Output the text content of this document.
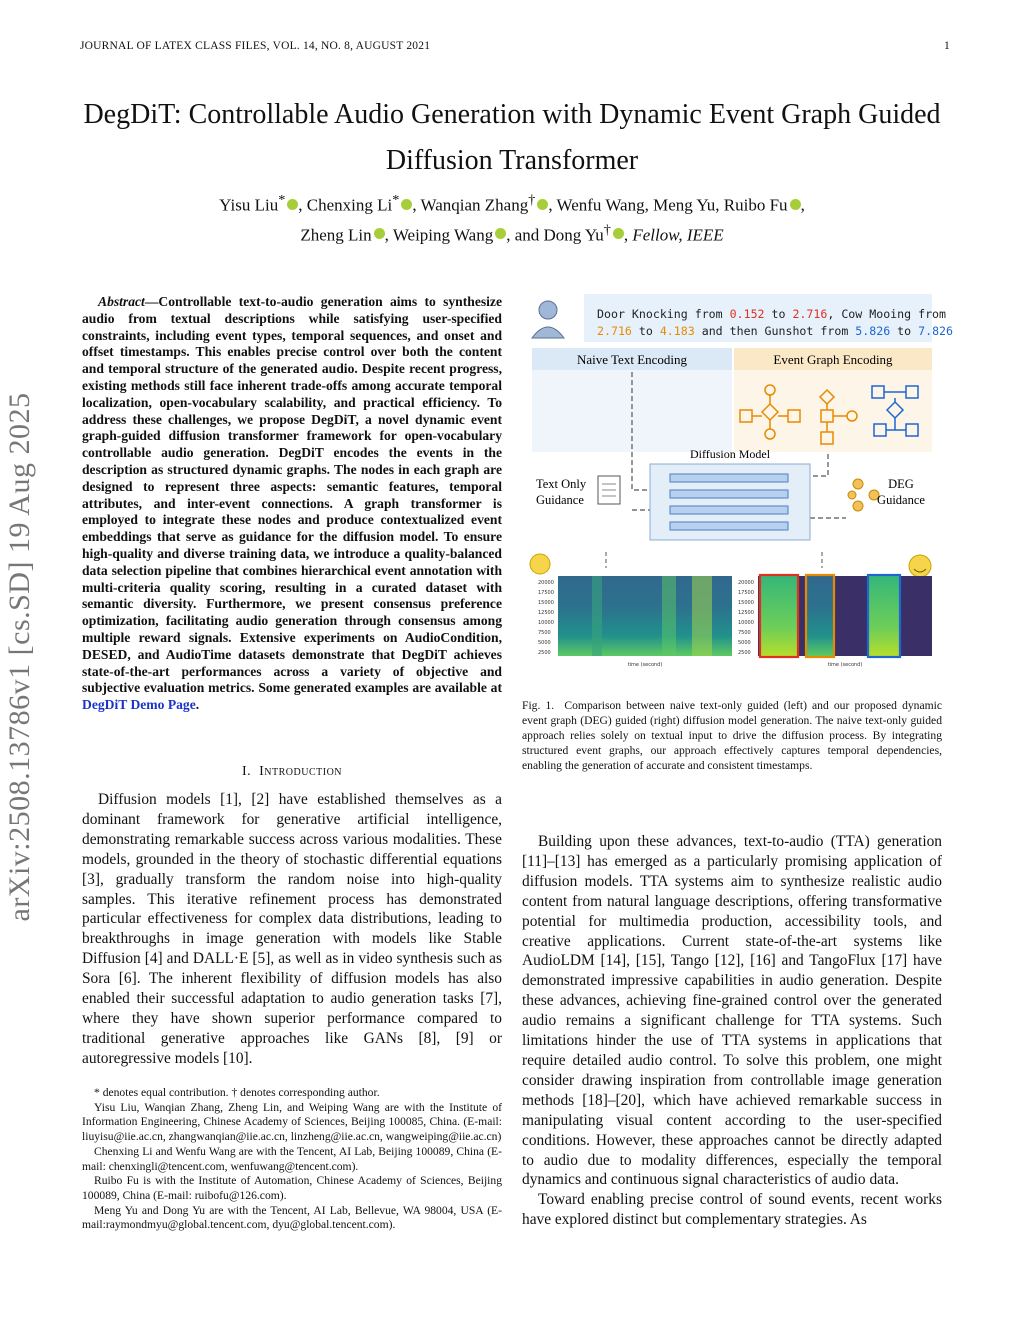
JOURNAL OF LATEX CLASS FILES, VOL. 14, NO. 8, AUGUST 2021	1
DegDiT: Controllable Audio Generation with Dynamic Event Graph Guided Diffusion Transformer
Yisu Liu* , Chenxing Li* , Wanqian Zhang† , Wenfu Wang, Meng Yu, Ruibo Fu ,
Zheng Lin , Weiping Wang , and Dong Yu† , Fellow, IEEE
arXiv:2508.13786v1 [cs.SD] 19 Aug 2025
Abstract—Controllable text-to-audio generation aims to synthesize audio from textual descriptions while satisfying user-specified constraints, including event types, temporal sequences, and onset and offset timestamps. This enables precise control over both the content and temporal structure of the generated audio. Despite recent progress, existing methods still face inherent trade-offs among accurate temporal localization, open-vocabulary scalability, and practical efficiency. To address these challenges, we propose DegDiT, a novel dynamic event graph-guided diffusion transformer framework for open-vocabulary controllable audio generation. DegDiT encodes the events in the description as structured dynamic graphs. The nodes in each graph are designed to represent three aspects: semantic features, temporal attributes, and inter-event connections. A graph transformer is employed to integrate these nodes and produce contextualized event embeddings that serve as guidance for the diffusion model. To ensure high-quality and diverse training data, we introduce a quality-balanced data selection pipeline that combines hierarchical event annotation with multi-criteria quality scoring, resulting in a curated dataset with semantic diversity. Furthermore, we present consensus preference optimization, facilitating audio generation through consensus among multiple reward signals. Extensive experiments on AudioCondition, DESED, and AudioTime datasets demonstrate that DegDiT achieves state-of-the-art performances across a variety of objective and subjective evaluation metrics. Some generated examples are available at DegDiT Demo Page.
I. Introduction

Diffusion models [1], [2] have established themselves as a dominant framework for generative artificial intelligence, demonstrating remarkable success across various modalities. These models, grounded in the theory of stochastic differential equations [3], gradually transform the random noise into high-quality samples. This iterative refinement process has demonstrated particular effectiveness for complex data distributions, leading to breakthroughs in image generation with models like Stable Diffusion [4] and DALL·E [5], as well as in video synthesis such as Sora [6]. The inherent flexibility of diffusion models has also enabled their successful adaptation to audio generation tasks [7], where they have shown superior performance compared to traditional generative approaches like GANs [8], [9] or autoregressive models [10].

* denotes equal contribution. † denotes corresponding author.

Yisu Liu, Wanqian Zhang, Zheng Lin, and Weiping Wang are with the Institute of Information Engineering, Chinese Academy of Sciences, Beijing 100085, China. (E-mail: liuyisu@iie.ac.cn, zhangwanqian@iie.ac.cn, linzheng@iie.ac.cn, wangweiping@iie.ac.cn)

Chenxing Li and Wenfu Wang are with the Tencent, AI Lab, Beijing 100089, China (E-mail: chenxingli@tencent.com, wenfuwang@tencent.com).

Ruibo Fu is with the Institute of Automation, Chinese Academy of Sciences, Beijing 100089, China (E-mail: ruibofu@126.com).

Meng Yu and Dong Yu are with the Tencent, AI Lab, Bellevue, WA 98004, USA (E-mail:raymondmyu@global.tencent.com, dyu@global.tencent.com).

Door Knocking from 0.152 to 2.716, Cow Mooing from
2.716 to 4.183 and then Gunshot from 5.826 to 7.826
Naive Text Encoding	Event Graph Encoding
Diffusion Model
Text Only
Guidance
DEG
Guidance
20000
17500
15000
12500
10000
7500
5000
2500
time (second)
20000
17500
15000
12500
10000
7500
5000
2500
time (second)
Fig. 1. Comparison between naive text-only guided (left) and our proposed dynamic event graph (DEG) guided (right) diffusion model generation. The naive text-only guided approach relies solely on textual input to drive the diffusion process. By integrating structured event graphs, our approach effectively captures temporal dependencies, enabling the generation of accurate and consistent timestamps.

Building upon these advances, text-to-audio (TTA) generation [11]–[13] has emerged as a particularly promising application of diffusion models. TTA systems aim to synthesize realistic audio content from natural language descriptions, offering transformative potential for multimedia production, accessibility tools, and creative applications. Current state-of-the-art systems like AudioLDM [14], [15], Tango [12], [16] and TangoFlux [17] have demonstrated impressive capabilities in audio generation. Despite these advances, achieving fine-grained control over the generated audio remains a significant challenge for TTA systems. Such limitations hinder the use of TTA systems in applications that require detailed audio control. To solve this problem, one might consider drawing inspiration from controllable image generation methods [18]–[20], which have achieved remarkable success in manipulating visual content according to the user-specified conditions. However, these approaches cannot be directly adapted to audio due to modality differences, especially the temporal dynamics and continuous signal characteristics of audio data.

Toward enabling precise control of sound events, recent works have explored distinct but complementary strategies. As
